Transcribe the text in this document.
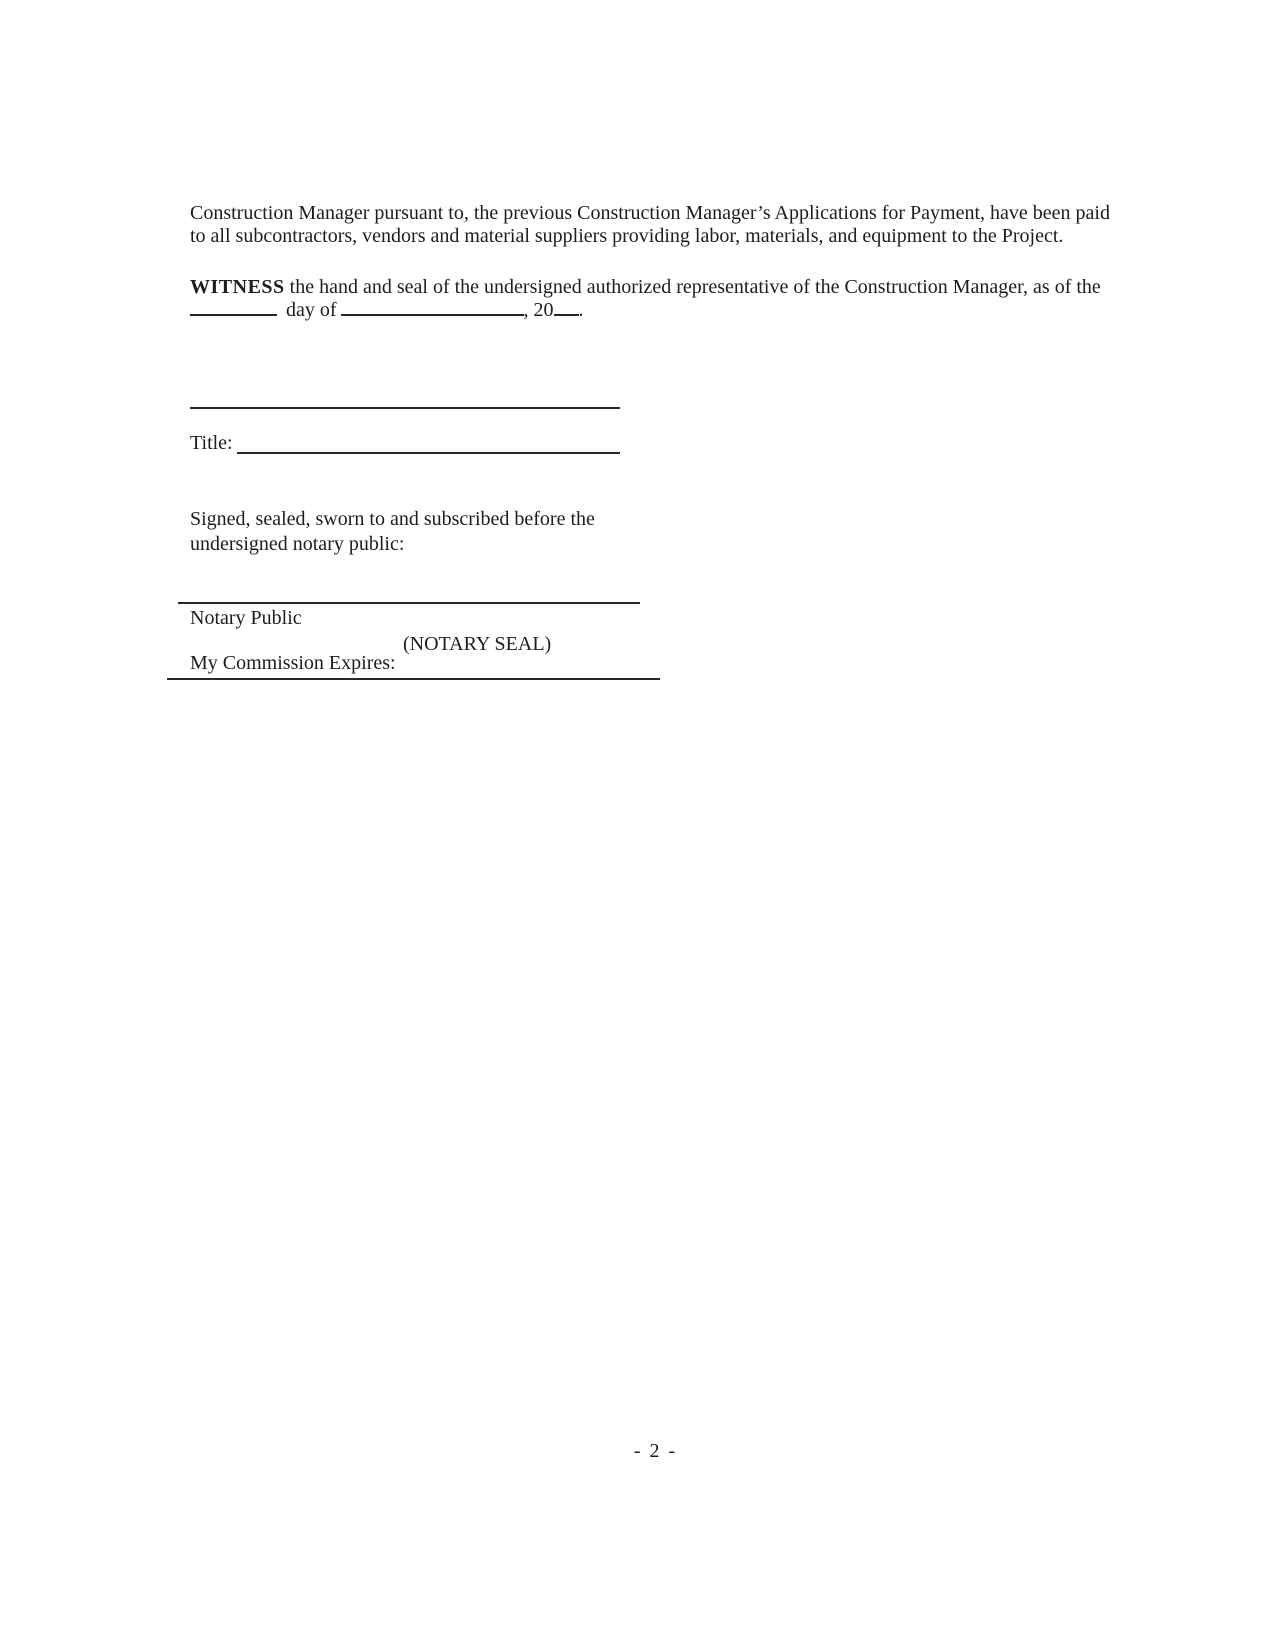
Construction Manager pursuant to, the previous Construction Manager’s Applications for Payment, have been paid
to all subcontractors, vendors and material suppliers providing labor, materials, and equipment to the Project.
WITNESS the hand and seal of the undersigned authorized representative of the Construction Manager, as of the
day of	, 20 .
Title:
Signed, sealed, sworn to and subscribed before the
undersigned notary public:
Notary Public
(NOTARY SEAL)
My Commission Expires:
- 2 -
